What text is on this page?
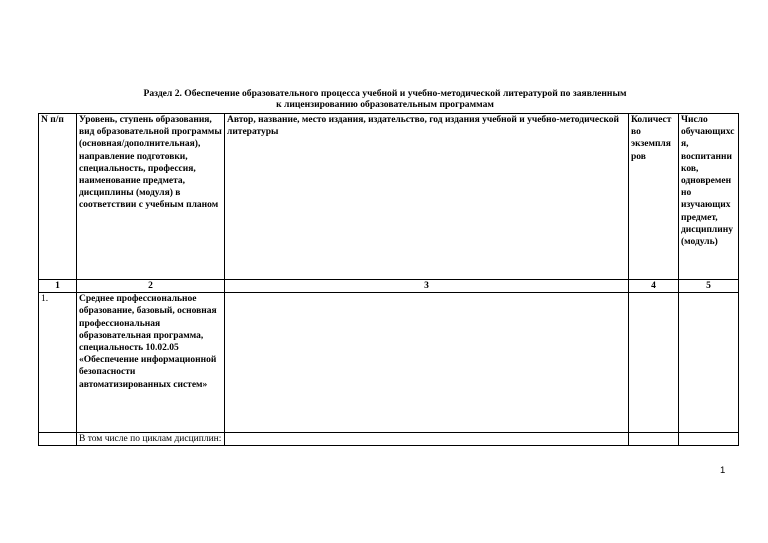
Раздел 2. Обеспечение образовательного процесса учебной и учебно-методической литературой по заявленным
к лицензированию образовательным программам
N п/п	Уровень, ступень образования, вид образовательной программы (основная/дополнительная), направление подготовки, специальность, профессия, наименование предмета, дисциплины (модуля) в соответствии с учебным планом	Автор, название, место издания, издательство, год издания учебной и учебно-методической литературы	Количество экземпляров	Число обучающихся, воспитанников, одновременно изучающих предмет, дисциплину (модуль)
1	2	3	4	5
1.	Среднее профессиональное образование, базовый, основная профессиональная образовательная программа, специальность 10.02.05 «Обеспечение информационной безопасности автоматизированных систем»			
	В том числе по циклам дисциплин:			
1
